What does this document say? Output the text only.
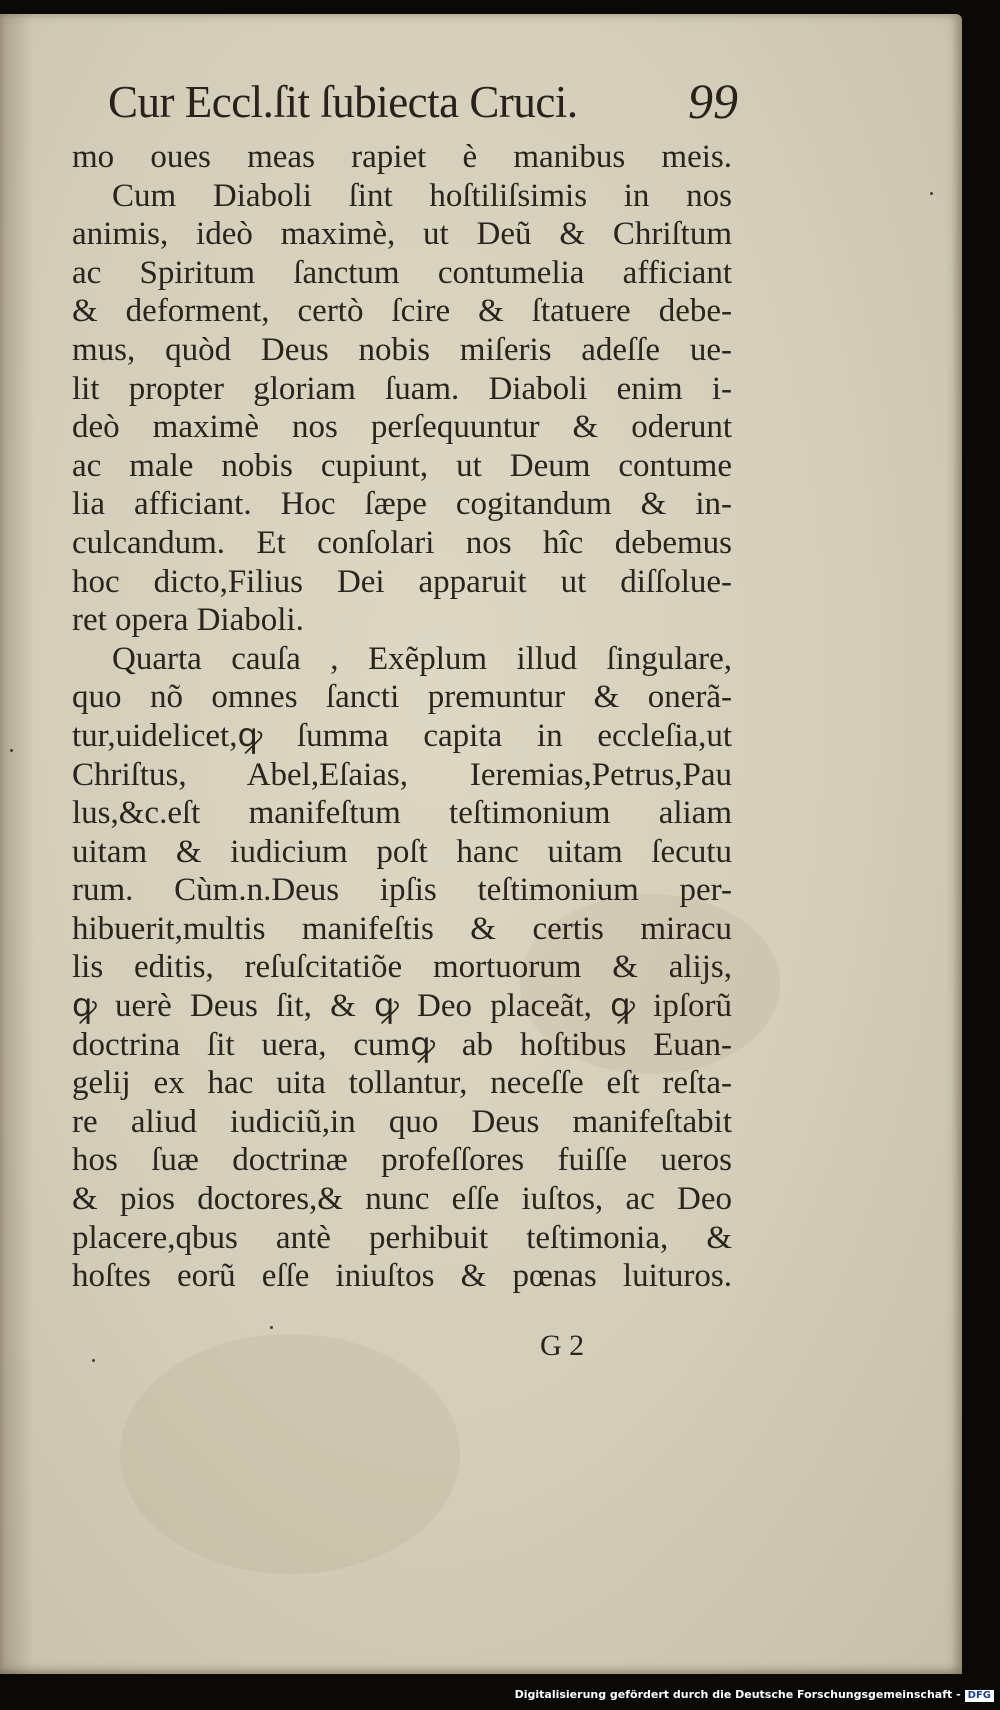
Cur Eccl.ſit ſubiecta Cruci. 99
mo oues meas rapiet è manibus meis.
Cum Diaboli ſint hoſtiliſsimis in nos
animis, ideò maximè, ut Deũ & Chriſtum
ac Spiritum ſanctum contumelia afficiant
& deforment, certò ſcire & ſtatuere debe-
mus, quòd Deus nobis miſeris adeſſe ue-
lit propter gloriam ſuam. Diaboli enim i-
deò maximè nos perſequuntur & oderunt
ac male nobis cupiunt, ut Deum contume
lia afficiant. Hoc ſæpe cogitandum & in-
culcandum. Et conſolari nos hîc debemus
hoc dicto,Filius Dei apparuit ut diſſolue-
ret opera Diaboli.
Quarta cauſa , Exẽplum illud ſingulare,
quo nõ omnes ſancti premuntur & onerã-
tur,uidelicet,ꝙ ſumma capita in eccleſia,ut
Chriſtus, Abel,Eſaias, Ieremias,Petrus,Pau
lus,&c.eſt manifeſtum teſtimonium aliam
uitam & iudicium poſt hanc uitam ſecutu
rum. Cùm.n.Deus ipſis teſtimonium per-
hibuerit,multis manifeſtis & certis miracu
lis editis, reſuſcitatiõe mortuorum & alijs,
ꝙ uerè Deus ſit, & ꝙ Deo placeãt, ꝙ ipſorũ
doctrina ſit uera, cumꝙ ab hoſtibus Euan-
gelij ex hac uita tollantur, neceſſe eſt reſta-
re aliud iudiciũ,in quo Deus manifeſtabit
hos ſuæ doctrinæ profeſſores fuiſſe ueros
& pios doctores,& nunc eſſe iuſtos, ac Deo
placere,qbus antè perhibuit teſtimonia, &
hoſtes eorũ eſſe iniuſtos & pœnas luituros.
G 2
Digitalisierung gefördert durch die Deutsche Forschungsgemeinschaft - DFG
